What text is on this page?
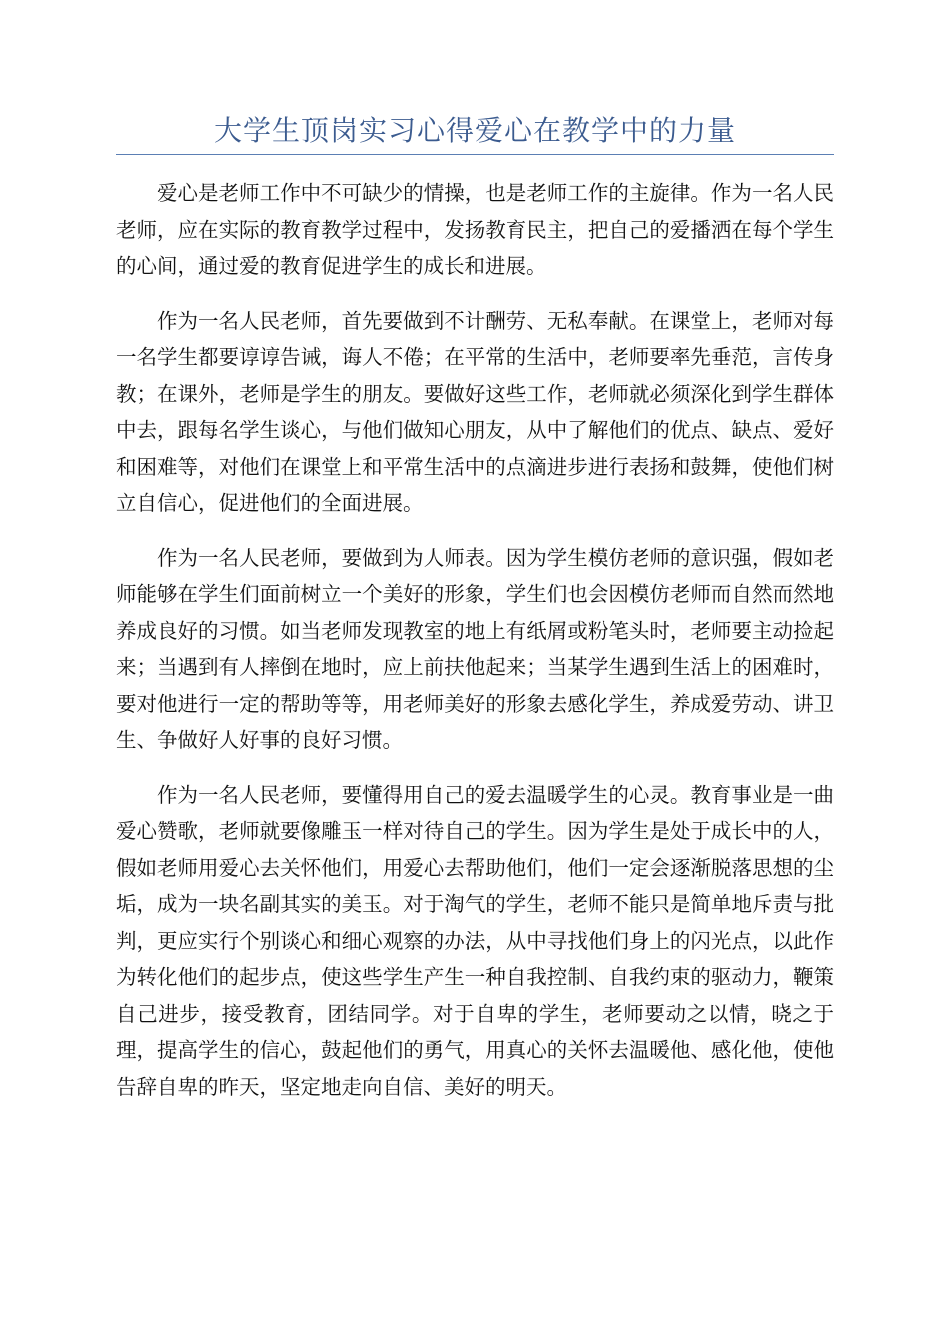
大学生顶岗实习心得爱心在教学中的力量

爱心是老师工作中不可缺少的情操，也是老师工作的主旋律。作为一名人民老师，应在实际的教育教学过程中，发扬教育民主，把自己的爱播洒在每个学生的心间，通过爱的教育促进学生的成长和进展。

作为一名人民老师，首先要做到不计酬劳、无私奉献。在课堂上，老师对每一名学生都要谆谆告诫，诲人不倦；在平常的生活中，老师要率先垂范，言传身教；在课外，老师是学生的朋友。要做好这些工作，老师就必须深化到学生群体中去，跟每名学生谈心，与他们做知心朋友，从中了解他们的优点、缺点、爱好和困难等，对他们在课堂上和平常生活中的点滴进步进行表扬和鼓舞，使他们树立自信心，促进他们的全面进展。

作为一名人民老师，要做到为人师表。因为学生模仿老师的意识强，假如老师能够在学生们面前树立一个美好的形象，学生们也会因模仿老师而自然而然地养成良好的习惯。如当老师发现教室的地上有纸屑或粉笔头时，老师要主动捡起来；当遇到有人摔倒在地时，应上前扶他起来；当某学生遇到生活上的困难时，要对他进行一定的帮助等等，用老师美好的形象去感化学生，养成爱劳动、讲卫生、争做好人好事的良好习惯。

作为一名人民老师，要懂得用自己的爱去温暖学生的心灵。教育事业是一曲爱心赞歌，老师就要像雕玉一样对待自己的学生。因为学生是处于成长中的人，假如老师用爱心去关怀他们，用爱心去帮助他们，他们一定会逐渐脱落思想的尘垢，成为一块名副其实的美玉。对于淘气的学生，老师不能只是简单地斥责与批判，更应实行个别谈心和细心观察的办法，从中寻找他们身上的闪光点，以此作为转化他们的起步点，使这些学生产生一种自我控制、自我约束的驱动力，鞭策自己进步，接受教育，团结同学。对于自卑的学生，老师要动之以情，晓之于理，提高学生的信心，鼓起他们的勇气，用真心的关怀去温暖他、感化他，使他告辞自卑的昨天，坚定地走向自信、美好的明天。
